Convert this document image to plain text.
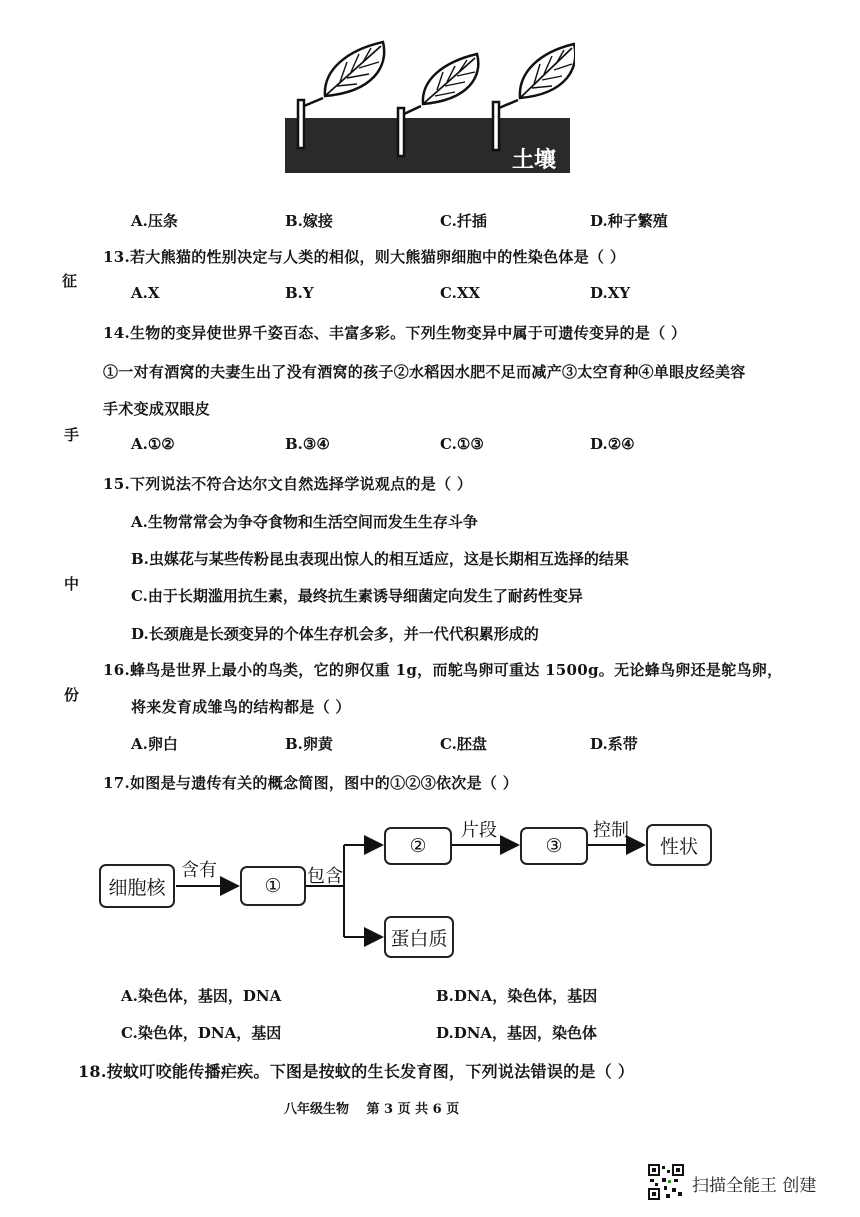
土壤
A.压条	B.嫁接	C.扦插	D.种子繁殖
征
手
中
份
13.若大熊猫的性别决定与人类的相似，则大熊猫卵细胞中的性染色体是（ ）
A.X	B.Y	C.XX	D.XY
14.生物的变异使世界千姿百态、丰富多彩。下列生物变异中属于可遗传变异的是（ ）
①一对有酒窝的夫妻生出了没有酒窝的孩子②水稻因水肥不足而减产③太空育种④单眼皮经美容
手术变成双眼皮
A.①②	B.③④	C.①③	D.②④
15.下列说法不符合达尔文自然选择学说观点的是（ ）
A.生物常常会为争夺食物和生活空间而发生生存斗争
B.虫媒花与某些传粉昆虫表现出惊人的相互适应，这是长期相互选择的结果
C.由于长期滥用抗生素，最终抗生素诱导细菌定向发生了耐药性变异
D.长颈鹿是长颈变异的个体生存机会多，并一代代积累形成的
16.蜂鸟是世界上最小的鸟类，它的卵仅重 1g，而鸵鸟卵可重达 1500g。无论蜂鸟卵还是鸵鸟卵，
将来发育成雏鸟的结构都是（ ）
A.卵白	B.卵黄	C.胚盘	D.系带
17.如图是与遗传有关的概念简图，图中的①②③依次是（ ）
细胞核
含有
①	包含
②
片段
③
控制
性状
蛋白质
A.染色体，基因，DNA	B.DNA，染色体，基因
C.染色体，DNA，基因	D.DNA，基因，染色体
18.按蚊叮咬能传播疟疾。下图是按蚊的生长发育图，下列说法错误的是（ ）
八年级生物　 第 3 页 共 6 页
扫描全能王 创建
